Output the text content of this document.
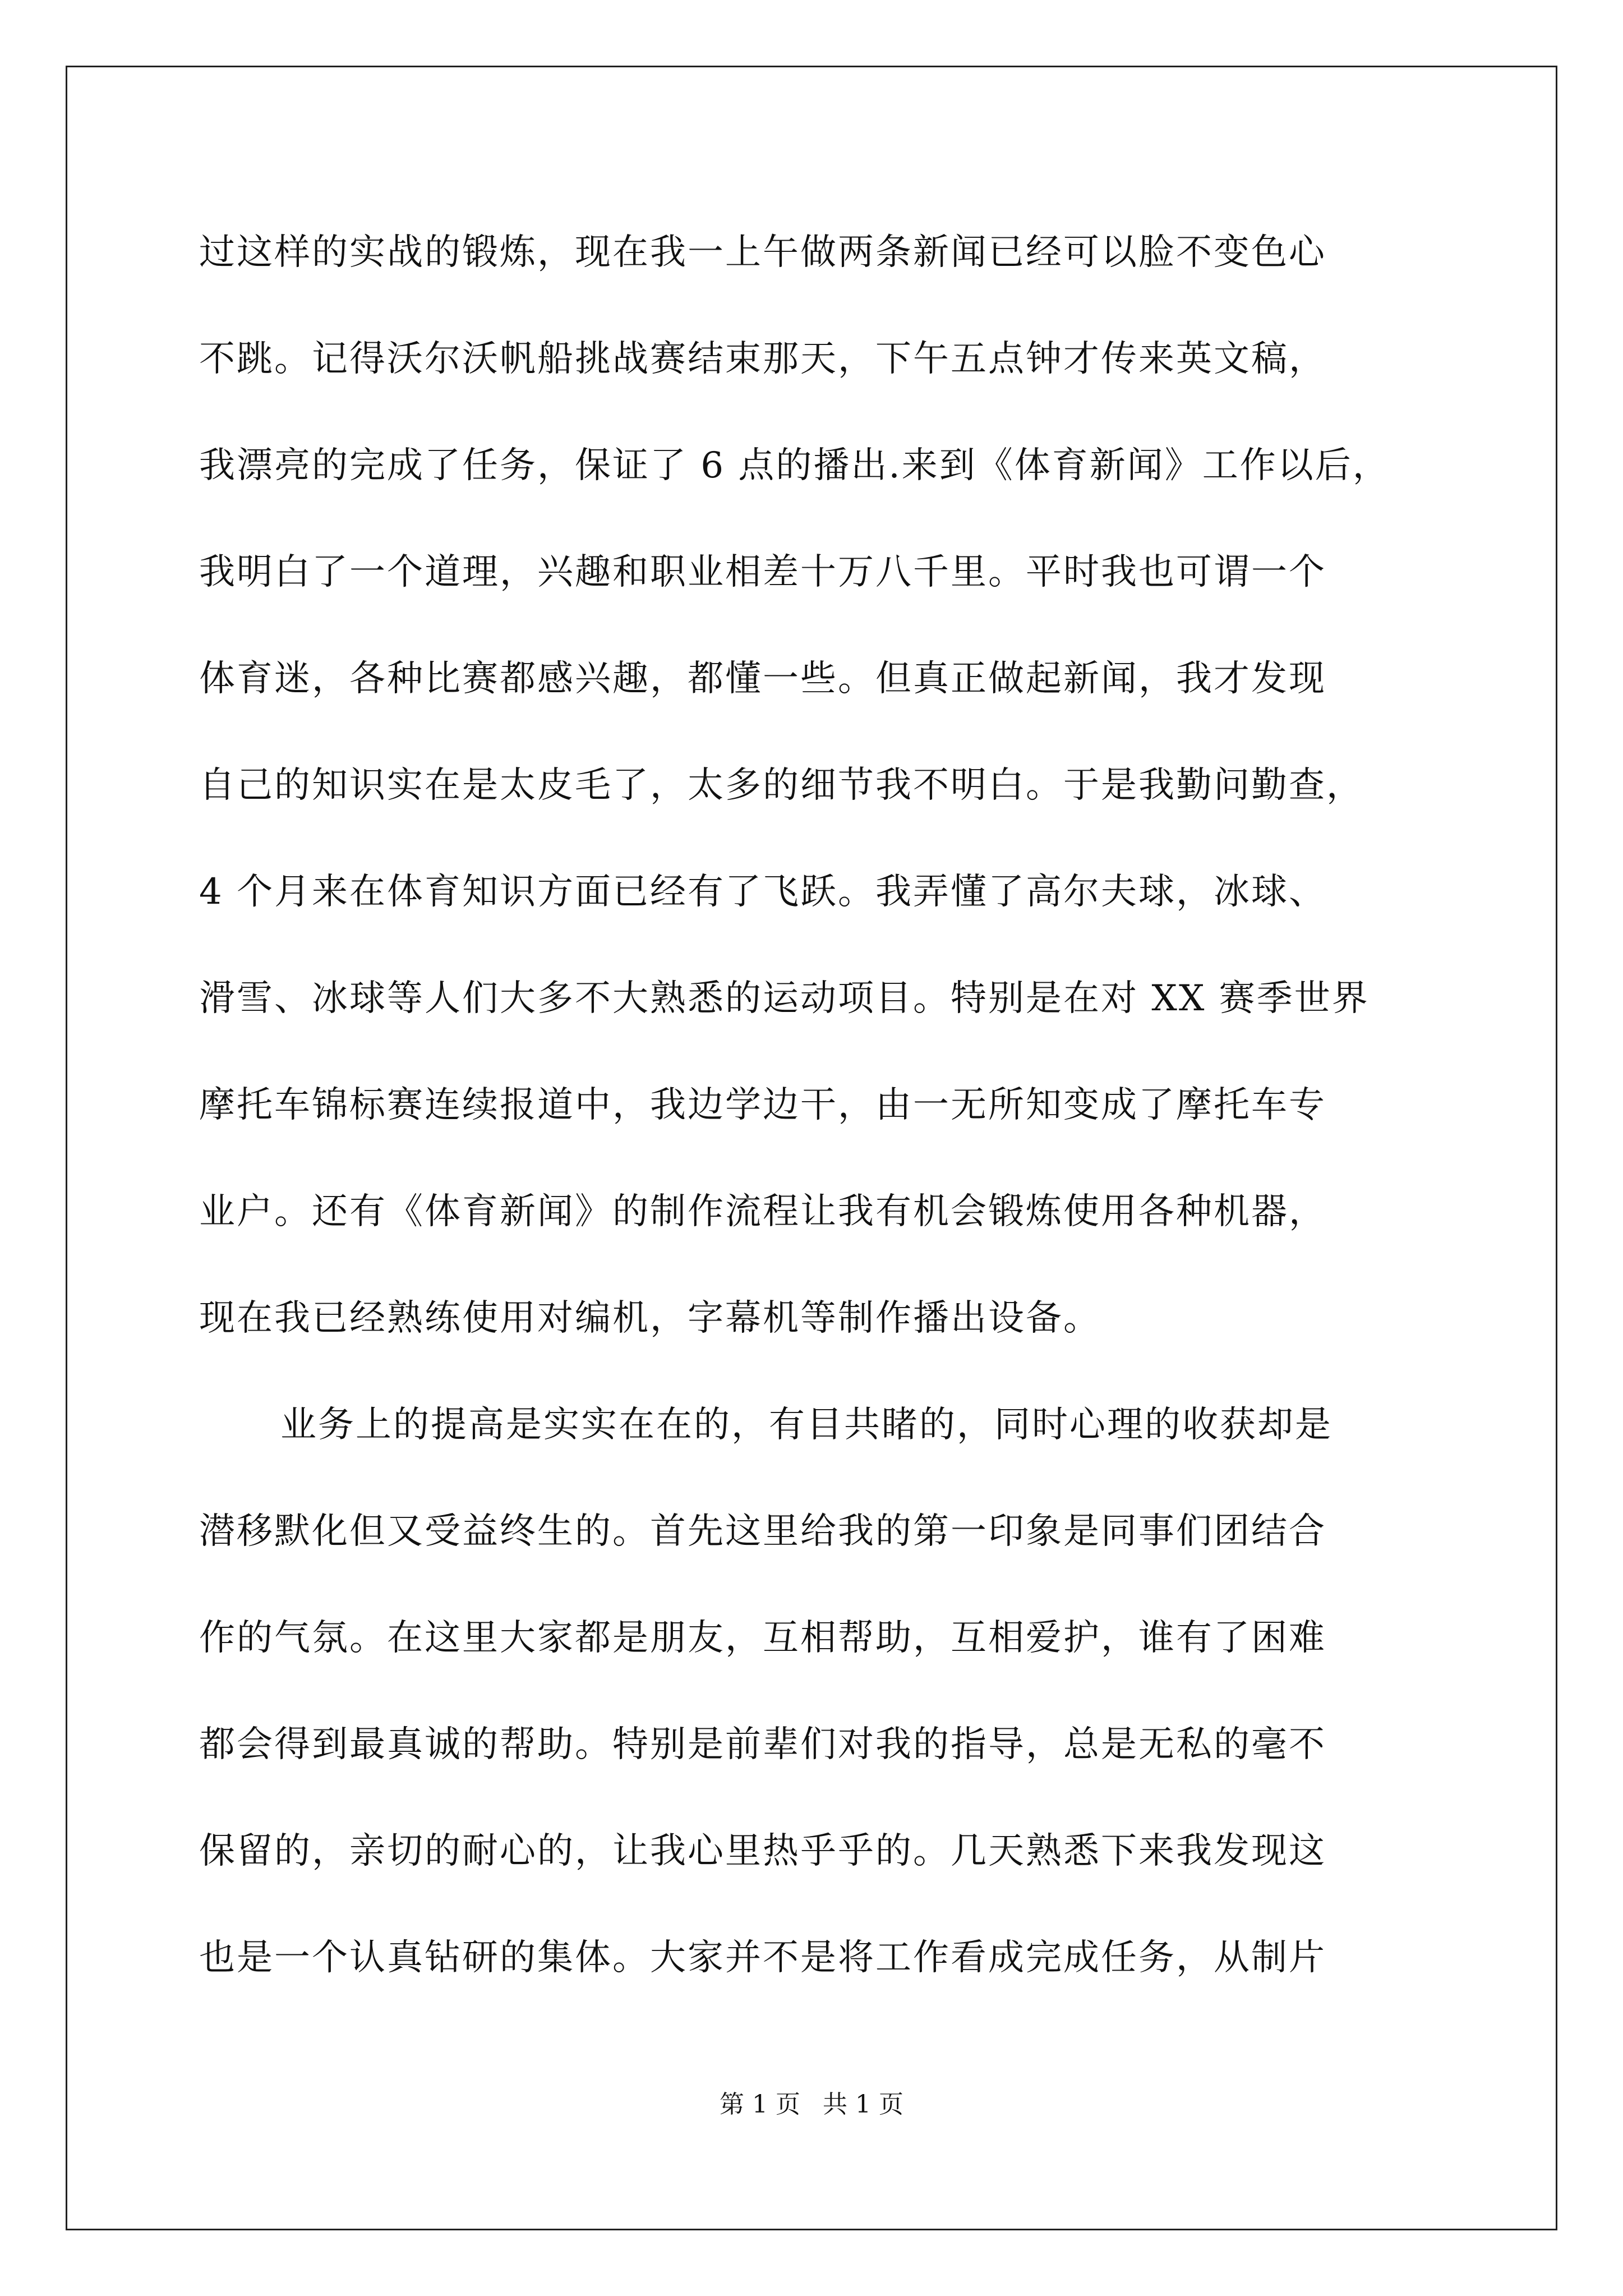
过这样的实战的锻炼，现在我一上午做两条新闻已经可以脸不变色心
不跳。记得沃尔沃帆船挑战赛结束那天，下午五点钟才传来英文稿，
我漂亮的完成了任务，保证了 6 点的播出.来到《体育新闻》工作以后，
我明白了一个道理，兴趣和职业相差十万八千里。平时我也可谓一个
体育迷，各种比赛都感兴趣，都懂一些。但真正做起新闻，我才发现
自己的知识实在是太皮毛了，太多的细节我不明白。于是我勤问勤查，
4 个月来在体育知识方面已经有了飞跃。我弄懂了高尔夫球，冰球、
滑雪、冰球等人们大多不大熟悉的运动项目。特别是在对 XX 赛季世界
摩托车锦标赛连续报道中，我边学边干，由一无所知变成了摩托车专
业户。还有《体育新闻》的制作流程让我有机会锻炼使用各种机器，
现在我已经熟练使用对编机，字幕机等制作播出设备。
业务上的提高是实实在在的，有目共睹的，同时心理的收获却是
潜移默化但又受益终生的。首先这里给我的第一印象是同事们团结合
作的气氛。在这里大家都是朋友，互相帮助，互相爱护，谁有了困难
都会得到最真诚的帮助。特别是前辈们对我的指导，总是无私的毫不
保留的，亲切的耐心的，让我心里热乎乎的。几天熟悉下来我发现这
也是一个认真钻研的集体。大家并不是将工作看成完成任务，从制片
第 1 页 共 1 页
